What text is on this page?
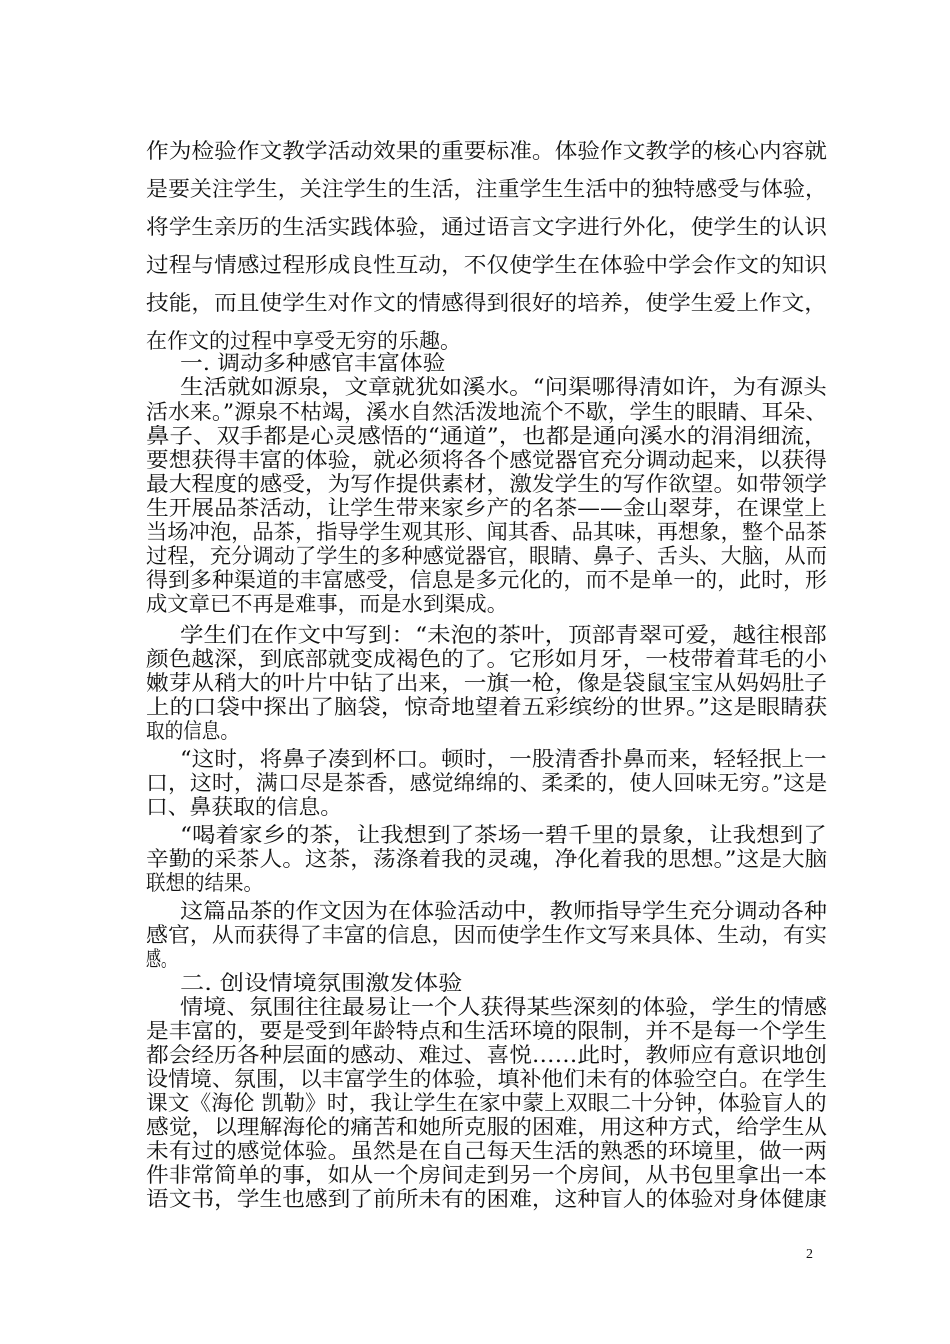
作为检验作文教学活动效果的重要标准。体验作文教学的核心内容就
是要关注学生，关注学生的生活，注重学生生活中的独特感受与体验，
将学生亲历的生活实践体验，通过语言文字进行外化，使学生的认识
过程与情感过程形成良性互动，不仅使学生在体验中学会作文的知识
技能，而且使学生对作文的情感得到很好的培养，使学生爱上作文，
在作文的过程中享受无穷的乐趣。
一. 调动多种感官丰富体验
生活就如源泉，文章就犹如溪水。“问渠哪得清如许，为有源头
活水来。”源泉不枯竭，溪水自然活泼地流个不歇，学生的眼睛、耳朵、
鼻子、双手都是心灵感悟的“通道”，也都是通向溪水的涓涓细流，
要想获得丰富的体验，就必须将各个感觉器官充分调动起来，以获得
最大程度的感受，为写作提供素材，激发学生的写作欲望。如带领学
生开展品茶活动，让学生带来家乡产的名茶——金山翠芽，在课堂上
当场冲泡，品茶，指导学生观其形、闻其香、品其味，再想象，整个品茶
过程，充分调动了学生的多种感觉器官，眼睛、鼻子、舌头、大脑，从而
得到多种渠道的丰富感受，信息是多元化的，而不是单一的，此时，形
成文章已不再是难事，而是水到渠成。
学生们在作文中写到：“未泡的茶叶，顶部青翠可爱，越往根部
颜色越深，到底部就变成褐色的了。它形如月牙，一枝带着茸毛的小
嫩芽从稍大的叶片中钻了出来，一旗一枪，像是袋鼠宝宝从妈妈肚子
上的口袋中探出了脑袋，惊奇地望着五彩缤纷的世界。”这是眼睛获
取的信息。
“这时，将鼻子凑到杯口。顿时，一股清香扑鼻而来，轻轻抿上一
口，这时，满口尽是茶香，感觉绵绵的、柔柔的，使人回味无穷。”这是
口、鼻获取的信息。
“喝着家乡的茶，让我想到了茶场一碧千里的景象，让我想到了
辛勤的采茶人。这茶，荡涤着我的灵魂，净化着我的思想。”这是大脑
联想的结果。
这篇品茶的作文因为在体验活动中，教师指导学生充分调动各种
感官，从而获得了丰富的信息，因而使学生作文写来具体、生动，有实
感。
二. 创设情境氛围激发体验
情境、氛围往往最易让一个人获得某些深刻的体验，学生的情感
是丰富的，要是受到年龄特点和生活环境的限制，并不是每一个学生
都会经历各种层面的感动、难过、喜悦……此时，教师应有意识地创
设情境、氛围，以丰富学生的体验，填补他们未有的体验空白。在学生
课文《海伦 凯勒》时，我让学生在家中蒙上双眼二十分钟，体验盲人的
感觉，以理解海伦的痛苦和她所克服的困难，用这种方式，给学生从
未有过的感觉体验。虽然是在自己每天生活的熟悉的环境里，做一两
件非常简单的事，如从一个房间走到另一个房间，从书包里拿出一本
语文书，学生也感到了前所未有的困难，这种盲人的体验对身体健康
2
